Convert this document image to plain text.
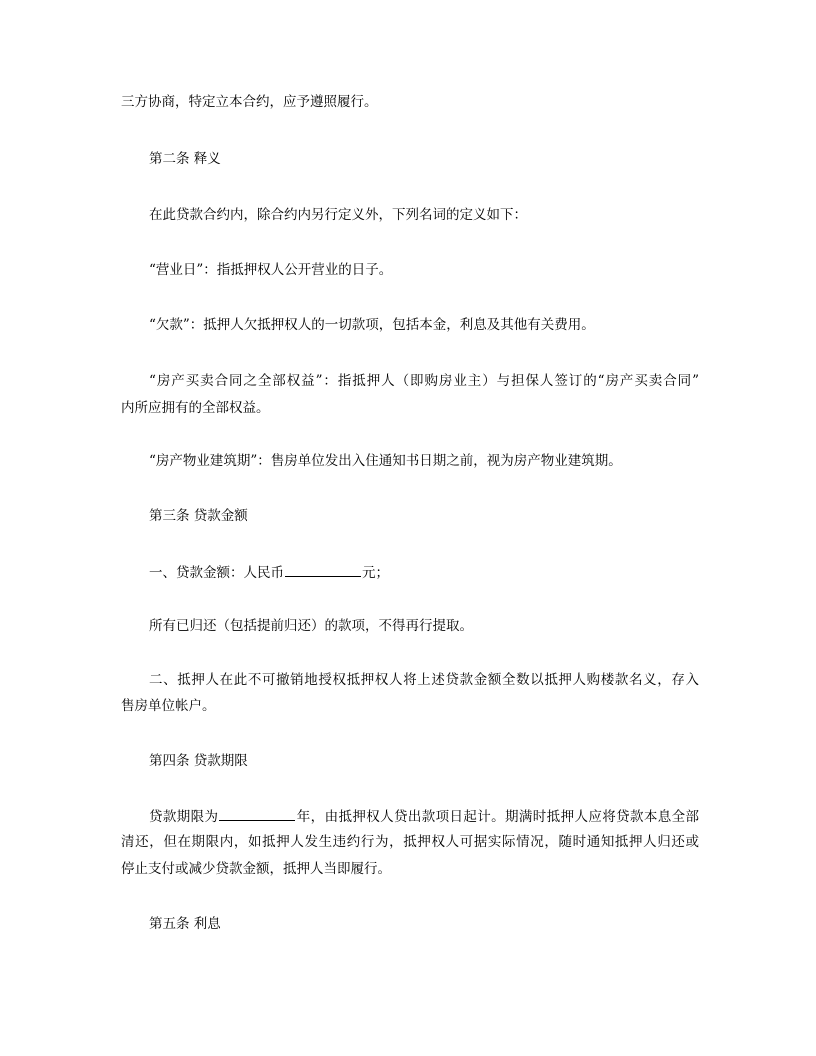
三方协商，特定立本合约，应予遵照履行。
第二条 释义
在此贷款合约内，除合约内另行定义外，下列名词的定义如下：
“营业日”：指抵押权人公开营业的日子。
“欠款”：抵押人欠抵押权人的一切款项，包括本金，利息及其他有关费用。
“房产买卖合同之全部权益”：指抵押人（即购房业主）与担保人签订的“房产买卖合同”
内所应拥有的全部权益。
“房产物业建筑期”：售房单位发出入住通知书日期之前，视为房产物业建筑期。
第三条 贷款金额
一、贷款金额：人民币	元；
所有已归还（包括提前归还）的款项，不得再行提取。
二、抵押人在此不可撤销地授权抵押权人将上述贷款金额全数以抵押人购楼款名义，存入
售房单位帐户。
第四条 贷款期限
贷款期限为	年，由抵押权人贷出款项日起计。期满时抵押人应将贷款本息全部
清还，但在期限内，如抵押人发生违约行为，抵押权人可据实际情况，随时通知抵押人归还或
停止支付或减少贷款金额，抵押人当即履行。
第五条 利息
